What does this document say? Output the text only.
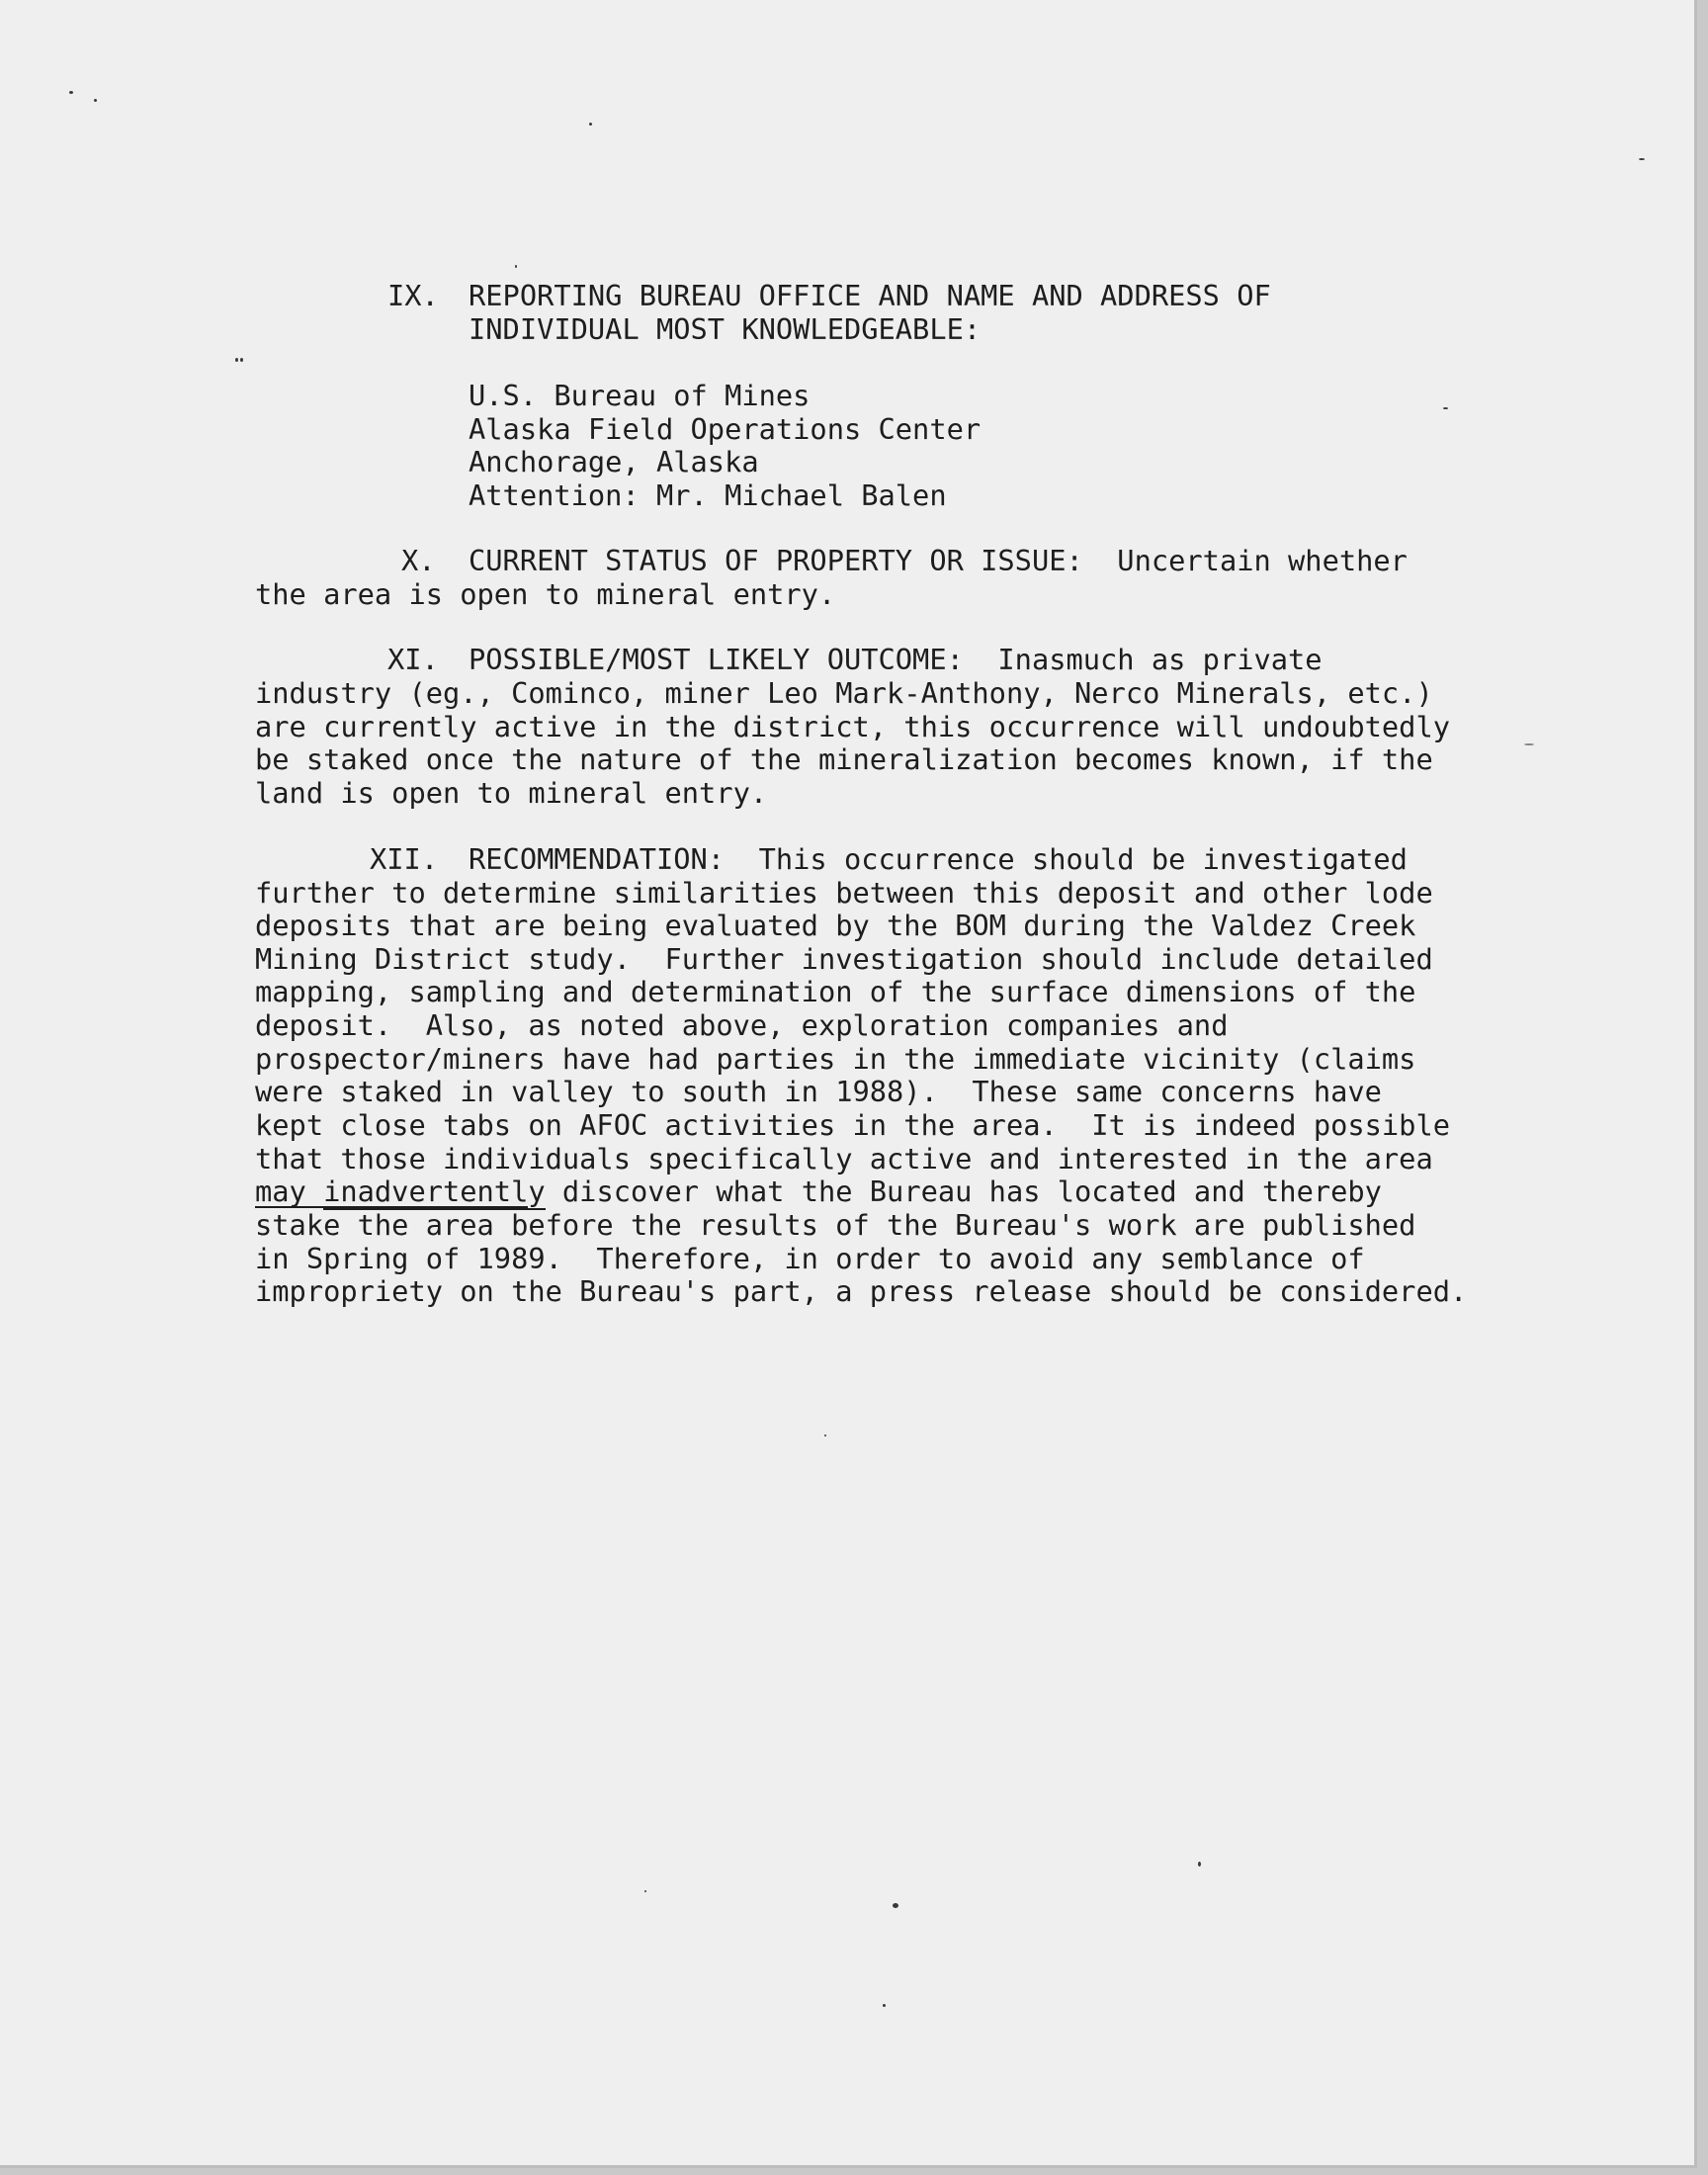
IX. REPORTING BUREAU OFFICE AND NAME AND ADDRESS OF

INDIVIDUAL MOST KNOWLEDGEABLE:

U.S. Bureau of Mines

Alaska Field Operations Center

Anchorage, Alaska

Attention: Mr. Michael Balen

X. CURRENT STATUS OF PROPERTY OR ISSUE:  Uncertain whether

the area is open to mineral entry.

XI. POSSIBLE/MOST LIKELY OUTCOME:  Inasmuch as private

industry (eg., Cominco, miner Leo Mark-Anthony, Nerco Minerals, etc.)

are currently active in the district, this occurrence will undoubtedly

be staked once the nature of the mineralization becomes known, if the

land is open to mineral entry.

XII. RECOMMENDATION:  This occurrence should be investigated

further to determine similarities between this deposit and other lode

deposits that are being evaluated by the BOM during the Valdez Creek

Mining District study.  Further investigation should include detailed

mapping, sampling and determination of the surface dimensions of the

deposit.  Also, as noted above, exploration companies and

prospector/miners have had parties in the immediate vicinity (claims

were staked in valley to south in 1988).  These same concerns have

kept close tabs on AFOC activities in the area.  It is indeed possible

that those individuals specifically active and interested in the area

may inadvertently discover what the Bureau has located and thereby

stake the area before the results of the Bureau's work are published

in Spring of 1989.  Therefore, in order to avoid any semblance of

impropriety on the Bureau's part, a press release should be considered.
